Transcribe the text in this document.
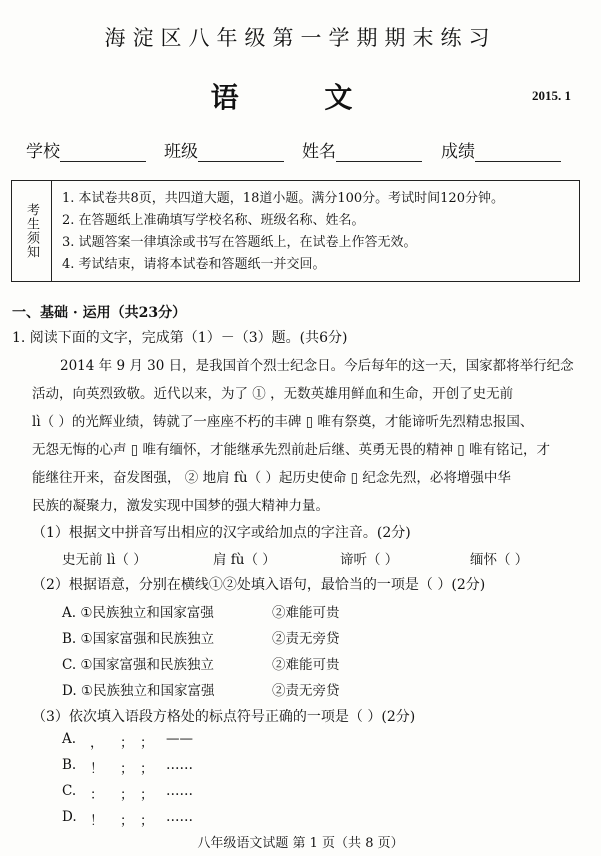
海淀区八年级第一学期期末练习
语 文	2015. 1
学校	班级	姓名	成绩
考生须知
1. 本试卷共8页，共四道大题，18道小题。满分100分。考试时间120分钟。
2. 在答题纸上准确填写学校名称、班级名称、姓名。
3. 试题答案一律填涂或书写在答题纸上，在试卷上作答无效。
4. 考试结束，请将本试卷和答题纸一并交回。
一、基础 · 运用（共23分）
1. 阅读下面的文字，完成第（1）－（3）题。(共6分)
2014 年 9 月 30 日，是我国首个烈士纪念日。今后每年的这一天，国家都将举行纪念
活动，向英烈致敬。近代以来，为了 ① ，无数英雄用鲜血和生命，开创了史无前
lì（ ）的光辉业绩，铸就了一座座不朽的丰碑 ▯ 唯有祭奠，才能谛听先烈精忠报国、
无怨无悔的心声 ▯ 唯有缅怀，才能继承先烈前赴后继、英勇无畏的精神 ▯ 唯有铭记，才
能继往开来，奋发图强， ② 地肩 fù（ ）起历史使命 ▯ 纪念先烈，必将增强中华
民族的凝聚力，激发实现中国梦的强大精神力量。
（1）根据文中拼音写出相应的汉字或给加点的字注音。(2分)
史无前 lì（ ）	肩 fù（ ）	谛听（ ）	缅怀（ ）
（2）根据语意，分别在横线①②处填入语句，最恰当的一项是（ ）(2分)
A. ①民族独立和国家富强	②难能可贵
B. ①国家富强和民族独立	②责无旁贷
C. ①国家富强和民族独立	②难能可贵
D. ①民族独立和国家富强	②责无旁贷
（3）依次填入语段方格处的标点符号正确的一项是（ ）(2分)
A. ， ； ； ——
B. ！ ； ； ……
C. ： ； ； ……
D. ！ ； ； ……
八年级语文试题 第 1 页（共 8 页）
